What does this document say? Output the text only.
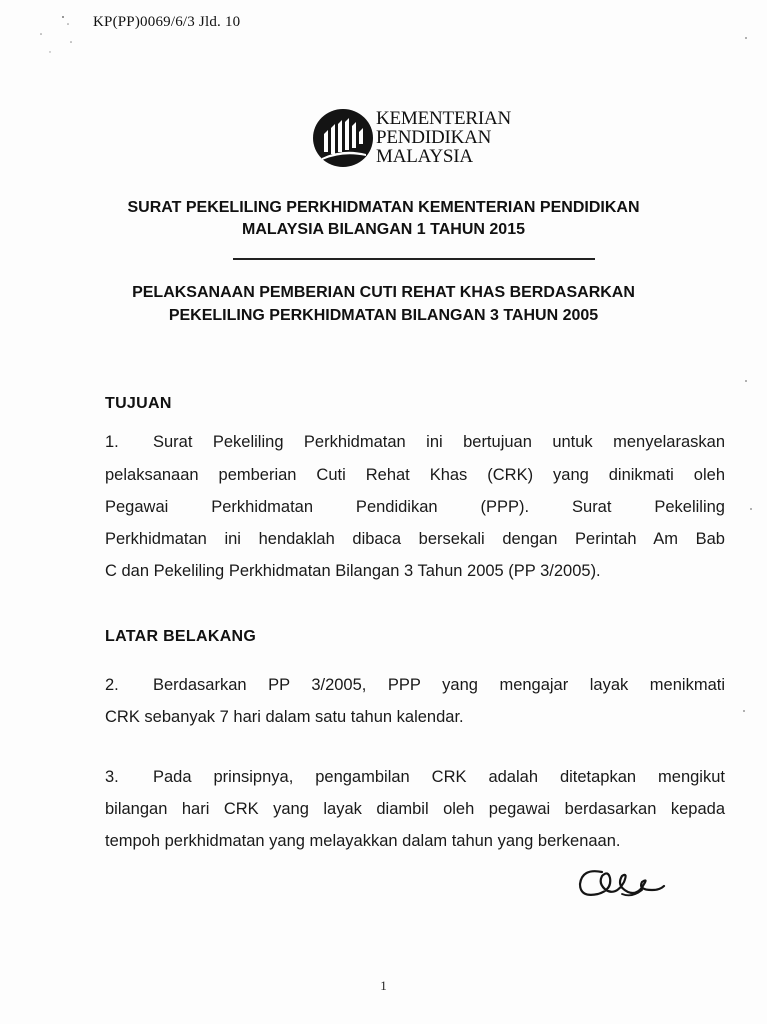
KP(PP)0069/6/3 Jld. 10
KEMENTERIAN
PENDIDIKAN
MALAYSIA
SURAT PEKELILING PERKHIDMATAN KEMENTERIAN PENDIDIKAN
MALAYSIA BILANGAN 1 TAHUN 2015
PELAKSANAAN PEMBERIAN CUTI REHAT KHAS BERDASARKAN
PEKELILING PERKHIDMATAN BILANGAN 3 TAHUN 2005
TUJUAN
1. Surat Pekeliling Perkhidmatan ini bertujuan untuk menyelaraskan
pelaksanaan pemberian Cuti Rehat Khas (CRK) yang dinikmati oleh
Pegawai Perkhidmatan Pendidikan (PPP). Surat Pekeliling
Perkhidmatan ini hendaklah dibaca bersekali dengan Perintah Am Bab
C dan Pekeliling Perkhidmatan Bilangan 3 Tahun 2005 (PP 3/2005).
LATAR BELAKANG
2. Berdasarkan PP 3/2005, PPP yang mengajar layak menikmati
CRK sebanyak 7 hari dalam satu tahun kalendar.
3. Pada prinsipnya, pengambilan CRK adalah ditetapkan mengikut
bilangan hari CRK yang layak diambil oleh pegawai berdasarkan kepada
tempoh perkhidmatan yang melayakkan dalam tahun yang berkenaan.
1
